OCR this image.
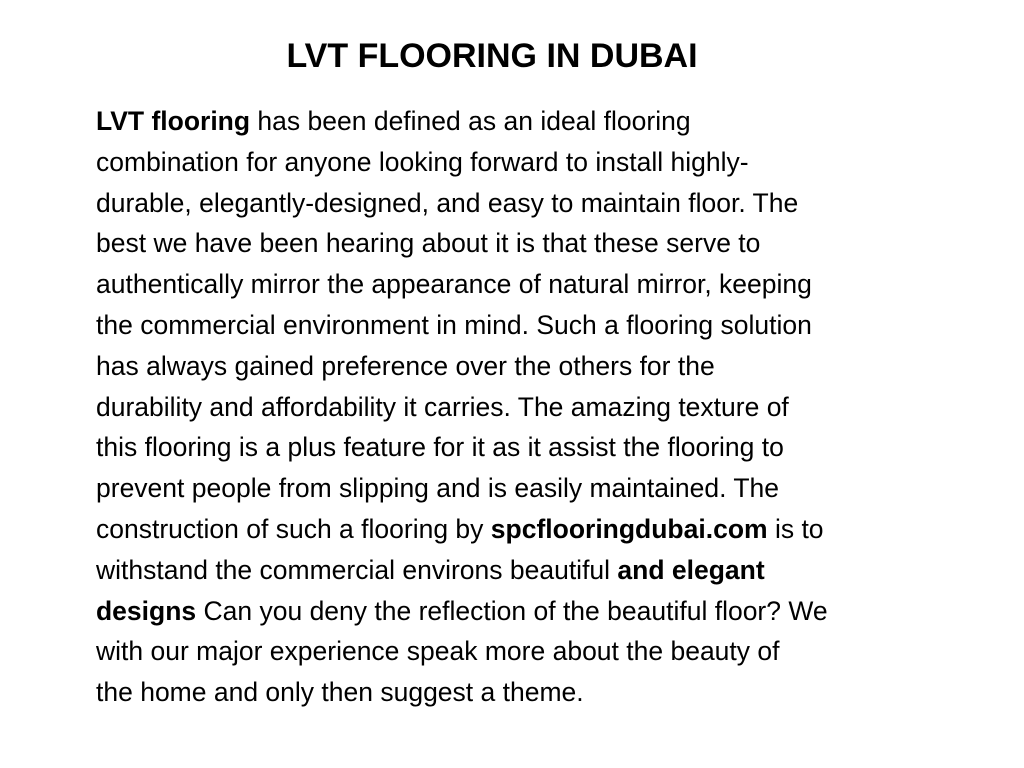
LVT FLOORING IN DUBAI
LVT flooring has been defined as an ideal flooring
combination for anyone looking forward to install highly-
durable, elegantly-designed, and easy to maintain floor. The
best we have been hearing about it is that these serve to
authentically mirror the appearance of natural mirror, keeping
the commercial environment in mind. Such a flooring solution
has always gained preference over the others for the
durability and affordability it carries. The amazing texture of
this flooring is a plus feature for it as it assist the flooring to
prevent people from slipping and is easily maintained. The
construction of such a flooring by spcflooringdubai.com is to
withstand the commercial environs beautiful and elegant
designs Can you deny the reflection of the beautiful floor? We
with our major experience speak more about the beauty of
the home and only then suggest a theme.
